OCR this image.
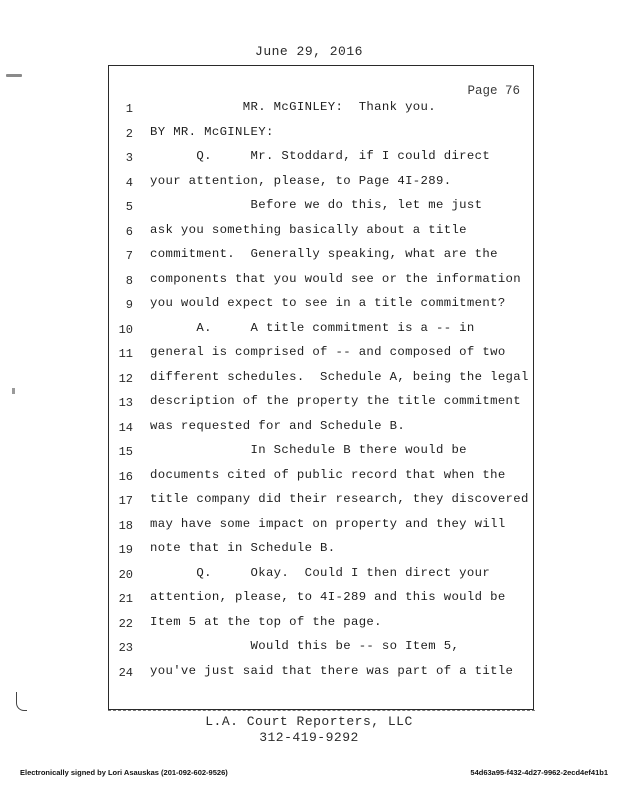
June 29, 2016
Page 76
1 MR. McGINLEY:  Thank you.
2 BY MR. McGINLEY:
3 Q.     Mr. Stoddard, if I could direct
4 your attention, please, to Page 4I-289.
5 Before we do this, let me just
6 ask you something basically about a title
7 commitment.  Generally speaking, what are the
8 components that you would see or the information
9 you would expect to see in a title commitment?
10 A.     A title commitment is a -- in
11 general is comprised of -- and composed of two
12 different schedules.  Schedule A, being the legal
13 description of the property the title commitment
14 was requested for and Schedule B.
15 In Schedule B there would be
16 documents cited of public record that when the
17 title company did their research, they discovered
18 may have some impact on property and they will
19 note that in Schedule B.
20 Q.     Okay.  Could I then direct your
21 attention, please, to 4I-289 and this would be
22 Item 5 at the top of the page.
23 Would this be -- so Item 5,
24 you've just said that there was part of a title
L.A. Court Reporters, LLC
312-419-9292
Electronically signed by Lori Asauskas (201-092-602-9526)	54d63a95-f432-4d27-9962-2ecd4ef41b1
